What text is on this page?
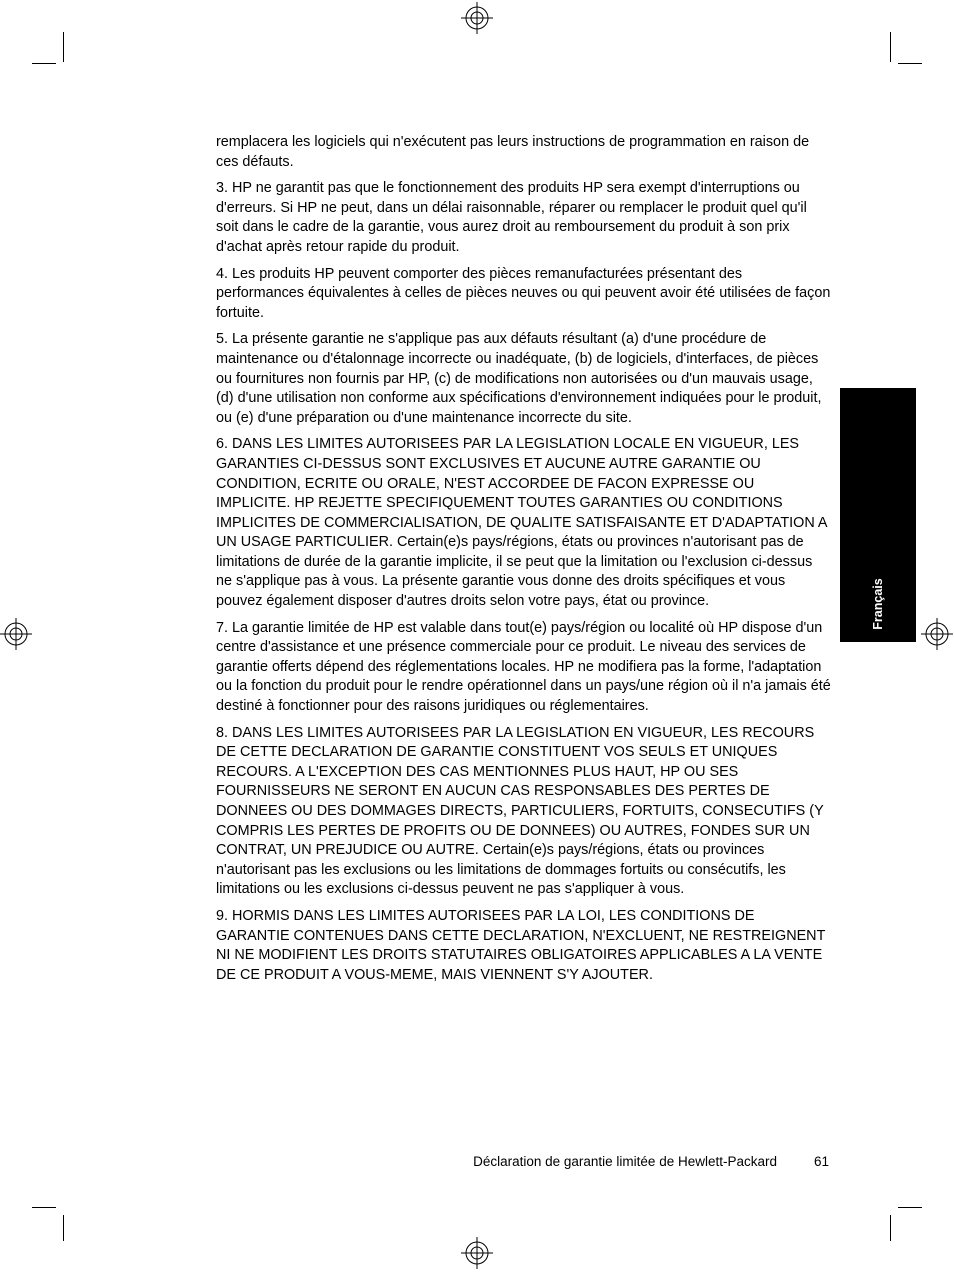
remplacera les logiciels qui n'exécutent pas leurs instructions de programmation en raison de ces défauts.

3. HP ne garantit pas que le fonctionnement des produits HP sera exempt d'interruptions ou d'erreurs. Si HP ne peut, dans un délai raisonnable, réparer ou remplacer le produit quel qu'il soit dans le cadre de la garantie, vous aurez droit au remboursement du produit à son prix d'achat après retour rapide du produit.

4. Les produits HP peuvent comporter des pièces remanufacturées présentant des performances équivalentes à celles de pièces neuves ou qui peuvent avoir été utilisées de façon fortuite.

5. La présente garantie ne s'applique pas aux défauts résultant (a) d'une procédure de maintenance ou d'étalonnage incorrecte ou inadéquate, (b) de logiciels, d'interfaces, de pièces ou fournitures non fournis par HP, (c) de modifications non autorisées ou d'un mauvais usage, (d) d'une utilisation non conforme aux spécifications d'environnement indiquées pour le produit, ou (e) d'une préparation ou d'une maintenance incorrecte du site.

6. DANS LES LIMITES AUTORISEES PAR LA LEGISLATION LOCALE EN VIGUEUR, LES GARANTIES CI-DESSUS SONT EXCLUSIVES ET AUCUNE AUTRE GARANTIE OU CONDITION, ECRITE OU ORALE, N'EST ACCORDEE DE FACON EXPRESSE OU IMPLICITE. HP REJETTE SPECIFIQUEMENT TOUTES GARANTIES OU CONDITIONS IMPLICITES DE COMMERCIALISATION, DE QUALITE SATISFAISANTE ET D'ADAPTATION A UN USAGE PARTICULIER. Certain(e)s pays/régions, états ou provinces n'autorisant pas de limitations de durée de la garantie implicite, il se peut que la limitation ou l'exclusion ci-dessus ne s'applique pas à vous. La présente garantie vous donne des droits spécifiques et vous pouvez également disposer d'autres droits selon votre pays, état ou province.

7. La garantie limitée de HP est valable dans tout(e) pays/région ou localité où HP dispose d'un centre d'assistance et une présence commerciale pour ce produit. Le niveau des services de garantie offerts dépend des réglementations locales. HP ne modifiera pas la forme, l'adaptation ou la fonction du produit pour le rendre opérationnel dans un pays/une région où il n'a jamais été destiné à fonctionner pour des raisons juridiques ou réglementaires.

8. DANS LES LIMITES AUTORISEES PAR LA LEGISLATION EN VIGUEUR, LES RECOURS DE CETTE DECLARATION DE GARANTIE CONSTITUENT VOS SEULS ET UNIQUES RECOURS. A L'EXCEPTION DES CAS MENTIONNES PLUS HAUT, HP OU SES FOURNISSEURS NE SERONT EN AUCUN CAS RESPONSABLES DES PERTES DE DONNEES OU DES DOMMAGES DIRECTS, PARTICULIERS, FORTUITS, CONSECUTIFS (Y COMPRIS LES PERTES DE PROFITS OU DE DONNEES) OU AUTRES, FONDES SUR UN CONTRAT, UN PREJUDICE OU AUTRE. Certain(e)s pays/régions, états ou provinces n'autorisant pas les exclusions ou les limitations de dommages fortuits ou consécutifs, les limitations ou les exclusions ci-dessus peuvent ne pas s'appliquer à vous.

9. HORMIS DANS LES LIMITES AUTORISEES PAR LA LOI, LES CONDITIONS DE GARANTIE CONTENUES DANS CETTE DECLARATION, N'EXCLUENT, NE RESTREIGNENT NI NE MODIFIENT LES DROITS STATUTAIRES OBLIGATOIRES APPLICABLES A LA VENTE DE CE PRODUIT A VOUS-MEME, MAIS VIENNENT S'Y AJOUTER.

Français
Déclaration de garantie limitée de Hewlett-Packard	61
